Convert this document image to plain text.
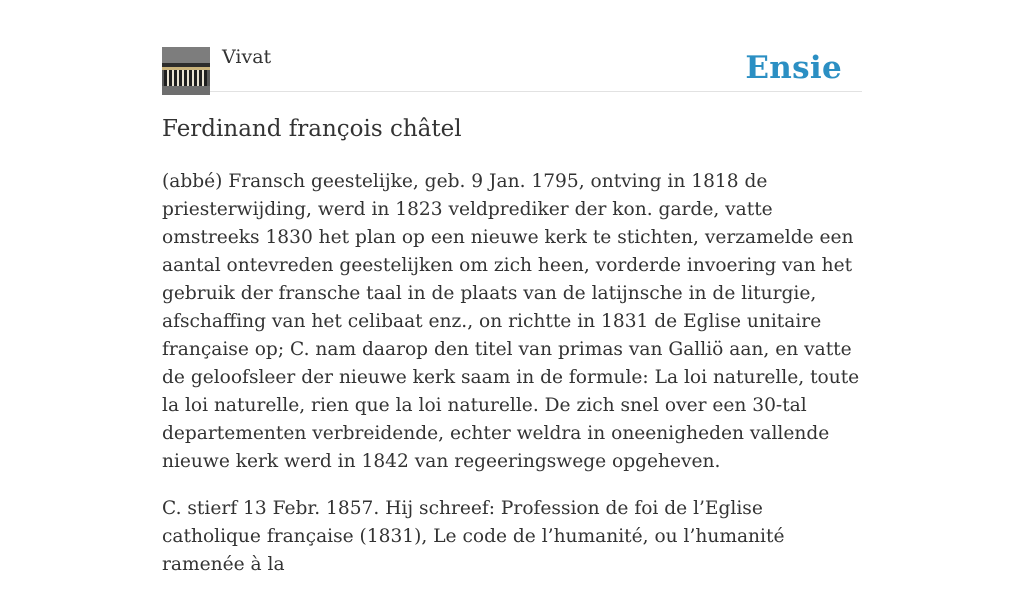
Vivat	Ensie
Ferdinand françois châtel

(abbé) Fransch geestelijke, geb. 9 Jan. 1795, ontving in 1818 de priesterwijding, werd in 1823 veldprediker der kon. garde, vatte omstreeks 1830 het plan op een nieuwe kerk te stichten, verzamelde een aantal ontevreden geestelijken om zich heen, vorderde invoering van het gebruik der fransche taal in de plaats van de latijnsche in de liturgie, afschaffing van het celibaat enz., on richtte in 1831 de Eglise unitaire française op; C. nam daarop den titel van primas van Galliö aan, en vatte de geloofsleer der nieuwe kerk saam in de formule: La loi naturelle, toute la loi naturelle, rien que la loi naturelle. De zich snel over een 30-tal departementen verbreidende, echter weldra in oneenigheden vallende nieuwe kerk werd in 1842 van regeeringswege opgeheven.

C. stierf 13 Febr. 1857. Hij schreef: Profession de foi de l’Eglise catholique française (1831), Le code de l’humanité, ou l’humanité ramenée à la
